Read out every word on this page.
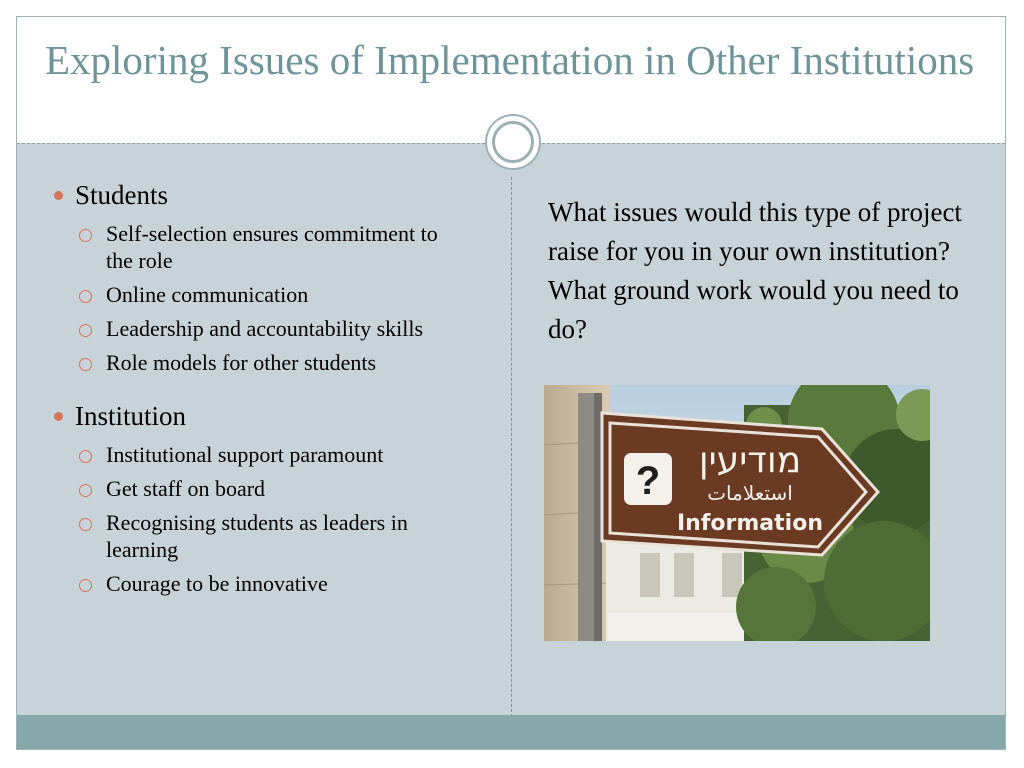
Exploring Issues of Implementation in Other Institutions
Students
Self-selection ensures commitment to the role
Online communication
Leadership and accountability skills
Role models for other students
Institution
Institutional support paramount
Get staff on board
Recognising students as leaders in learning
Courage to be innovative

What issues would this type of project raise for you in your own institution? What ground work would you need to do?

? מודיעין
استعلامات
Information
